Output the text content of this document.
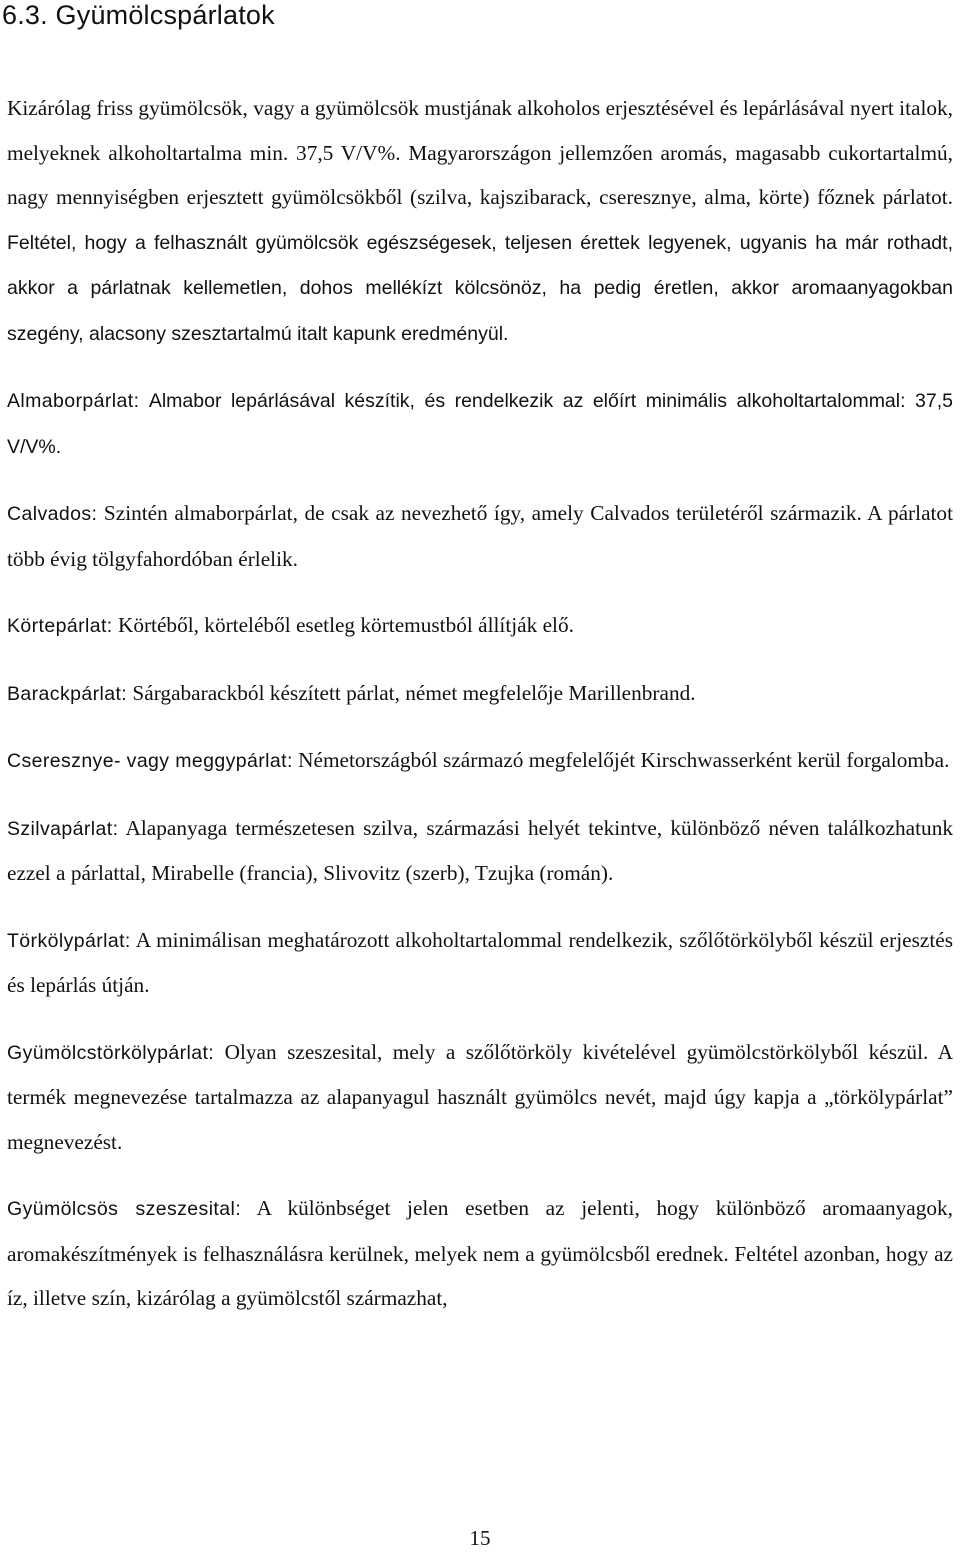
6.3. Gyümölcspárlatok

Kizárólag friss gyümölcsök, vagy a gyümölcsök mustjának alkoholos erjesztésével és lepárlásával nyert italok, melyeknek alkoholtartalma min. 37,5 V/V%. Magyarországon jellemzően aromás, magasabb cukortartalmú, nagy mennyiségben erjesztett gyümölcsökből (szilva, kajszibarack, cseresznye, alma, körte) főznek párlatot. Feltétel, hogy a felhasznált gyümölcsök egészségesek, teljesen érettek legyenek, ugyanis ha már rothadt, akkor a párlatnak kellemetlen, dohos mellékízt kölcsönöz, ha pedig éretlen, akkor aromaanyagokban szegény, alacsony szesztartalmú italt kapunk eredményül.

Almaborpárlat: Almabor lepárlásával készítik, és rendelkezik az előírt minimális alkoholtartalommal: 37,5 V/V%.

Calvados: Szintén almaborpárlat, de csak az nevezhető így, amely Calvados területéről származik. A párlatot több évig tölgyfahordóban érlelik.

Körtepárlat: Körtéből, körteléből esetleg körtemustból állítják elő.

Barackpárlat: Sárgabarackból készített párlat, német megfelelője Marillenbrand.

Cseresznye- vagy meggypárlat: Németországból származó megfelelőjét Kirschwasserként kerül forgalomba.

Szilvapárlat: Alapanyaga természetesen szilva, származási helyét tekintve, különböző néven találkozhatunk ezzel a párlattal, Mirabelle (francia), Slivovitz (szerb), Tzujka (román).

Törkölypárlat: A minimálisan meghatározott alkoholtartalommal rendelkezik, szőlőtörkölyből készül erjesztés és lepárlás útján.

Gyümölcstörkölypárlat: Olyan szeszesital, mely a szőlőtörköly kivételével gyümölcstörkölyből készül. A termék megnevezése tartalmazza az alapanyagul használt gyümölcs nevét, majd úgy kapja a „törkölypárlat” megnevezést.

Gyümölcsös szeszesital: A különbséget jelen esetben az jelenti, hogy különböző aromaanyagok, aromakészítmények is felhasználásra kerülnek, melyek nem a gyümölcsből erednek. Feltétel azonban, hogy az íz, illetve szín, kizárólag a gyümölcstől származhat,

15
